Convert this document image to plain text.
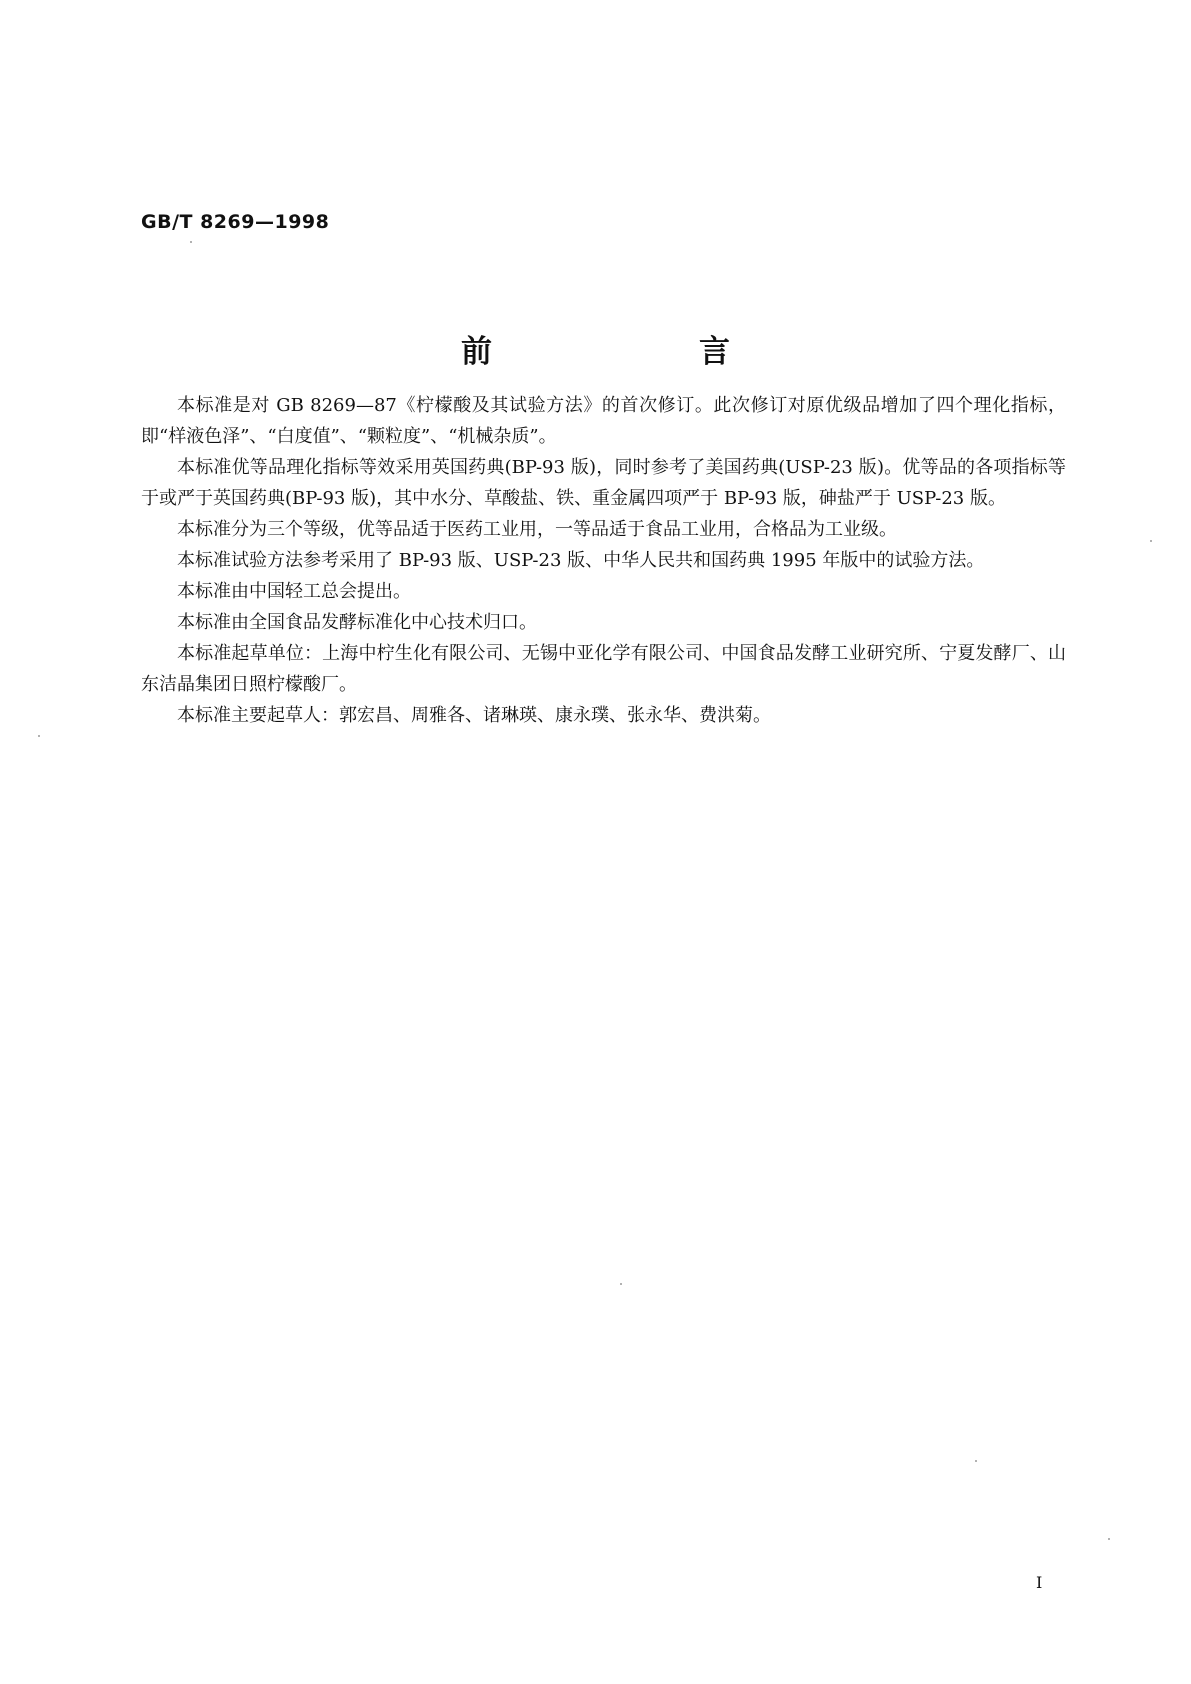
GB/T 8269—1998
前　言

本标准是对 GB 8269—87《柠檬酸及其试验方法》的首次修订。此次修订对原优级品增加了四个理化指标，即“样液色泽”、“白度值”、“颗粒度”、“机械杂质”。

本标准优等品理化指标等效采用英国药典(BP-93 版)，同时参考了美国药典(USP-23 版)。优等品的各项指标等于或严于英国药典(BP-93 版)，其中水分、草酸盐、铁、重金属四项严于 BP-93 版，砷盐严于 USP-23 版。

本标准分为三个等级，优等品适于医药工业用，一等品适于食品工业用，合格品为工业级。

本标准试验方法参考采用了 BP-93 版、USP-23 版、中华人民共和国药典 1995 年版中的试验方法。

本标准由中国轻工总会提出。

本标准由全国食品发酵标准化中心技术归口。

本标准起草单位：上海中柠生化有限公司、无锡中亚化学有限公司、中国食品发酵工业研究所、宁夏发酵厂、山东洁晶集团日照柠檬酸厂。

本标准主要起草人：郭宏昌、周雅各、诸琳瑛、康永璞、张永华、费洪菊。

I
